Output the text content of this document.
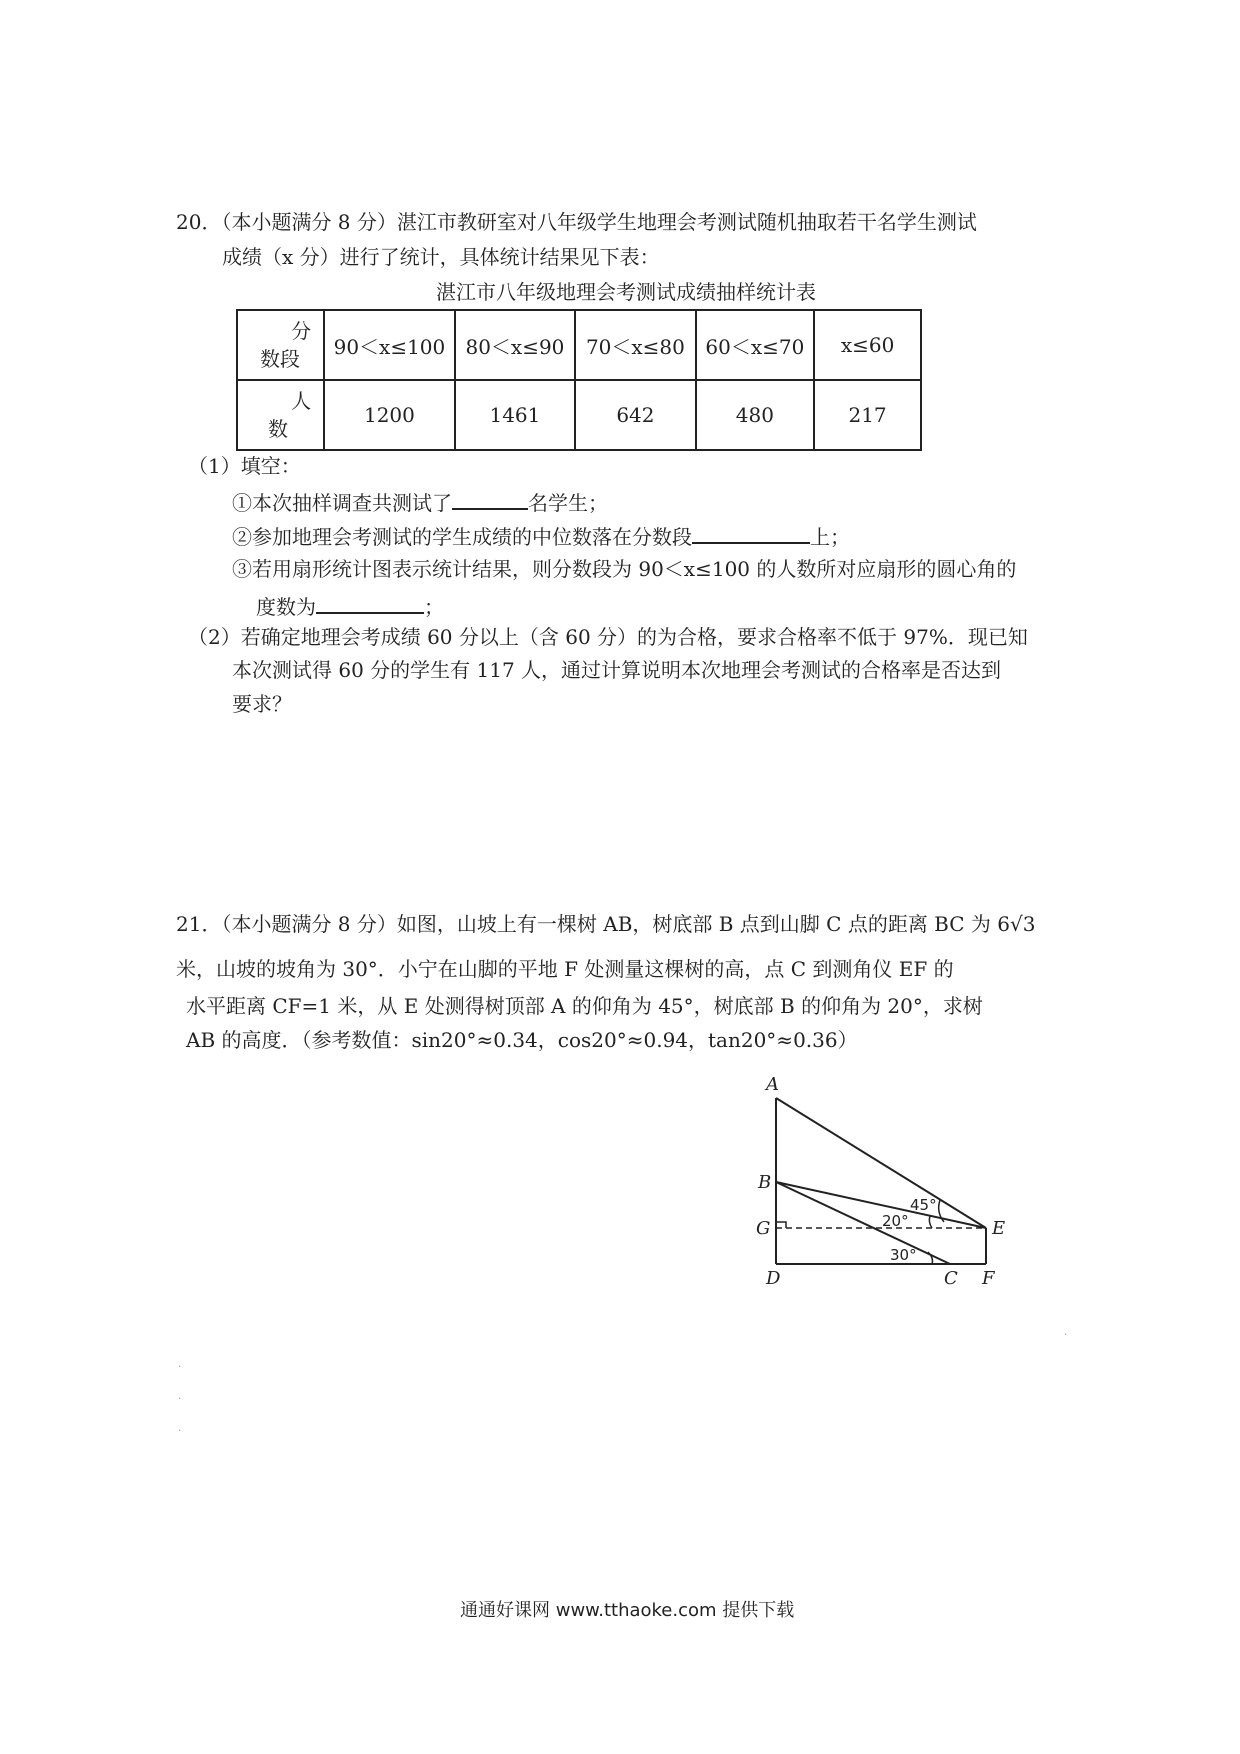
20．（本小题满分 8 分）湛江市教研室对八年级学生地理会考测试随机抽取若干名学生测试
成绩（x 分）进行了统计，具体统计结果见下表：
湛江市八年级地理会考测试成绩抽样统计表
分
数段	90＜x≤100	80＜x≤90	70＜x≤80	60＜x≤70	x≤60

人
数	1200	1461	642	480	217
（1）填空：
①本次抽样调查共测试了	名学生；
②参加地理会考测试的学生成绩的中位数落在分数段	上；
③若用扇形统计图表示统计结果，则分数段为 90＜x≤100 的人数所对应扇形的圆心角的
度数为	；
（2）若确定地理会考成绩 60 分以上（含 60 分）的为合格，要求合格率不低于 97%．现已知
本次测试得 60 分的学生有 117 人，通过计算说明本次地理会考测试的合格率是否达到
要求？
21．（本小题满分 8 分）如图，山坡上有一棵树 AB，树底部 B 点到山脚 C 点的距离 BC 为 6√3
米，山坡的坡角为 30°．小宁在山脚的平地 F 处测量这棵树的高，点 C 到测角仪 EF 的
水平距离 CF=1 米，从 E 处测得树顶部 A 的仰角为 45°，树底部 B 的仰角为 20°，求树
AB 的高度．（参考数值：sin20°≈0.34，cos20°≈0.94，tan20°≈0.36）
A
B
G
D	C F
E
45°
20°
30°
·
·
·
·
通通好课网 www.tthaoke.com 提供下载
